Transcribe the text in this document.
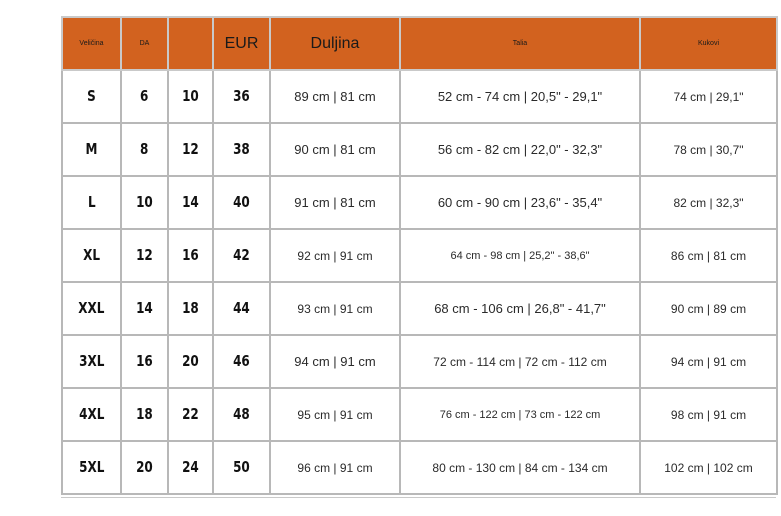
Veličina	DA		EUR	Duljina	Talia	Kukovi
S	6	10	36	89 cm | 81 cm	52 cm - 74 cm | 20,5" - 29,1"	74 cm | 29,1"
M	8	12	38	90 cm | 81 cm	56 cm - 82 cm | 22,0" - 32,3"	78 cm | 30,7"
L	10	14	40	91 cm | 81 cm	60 cm - 90 cm | 23,6" - 35,4"	82 cm | 32,3"
XL	12	16	42	92 cm | 91 cm	64 cm - 98 cm | 25,2" - 38,6"	86 cm | 81 cm
XXL	14	18	44	93 cm | 91 cm	68 cm - 106 cm | 26,8" - 41,7"	90 cm | 89 cm
3XL	16	20	46	94 cm | 91 cm	72 cm - 114 cm | 72 cm - 112 cm	94 cm | 91 cm
4XL	18	22	48	95 cm | 91 cm	76 cm - 122 cm | 73 cm - 122 cm	98 cm | 91 cm
5XL	20	24	50	96 cm | 91 cm	80 cm - 130 cm | 84 cm - 134 cm	102 cm | 102 cm
